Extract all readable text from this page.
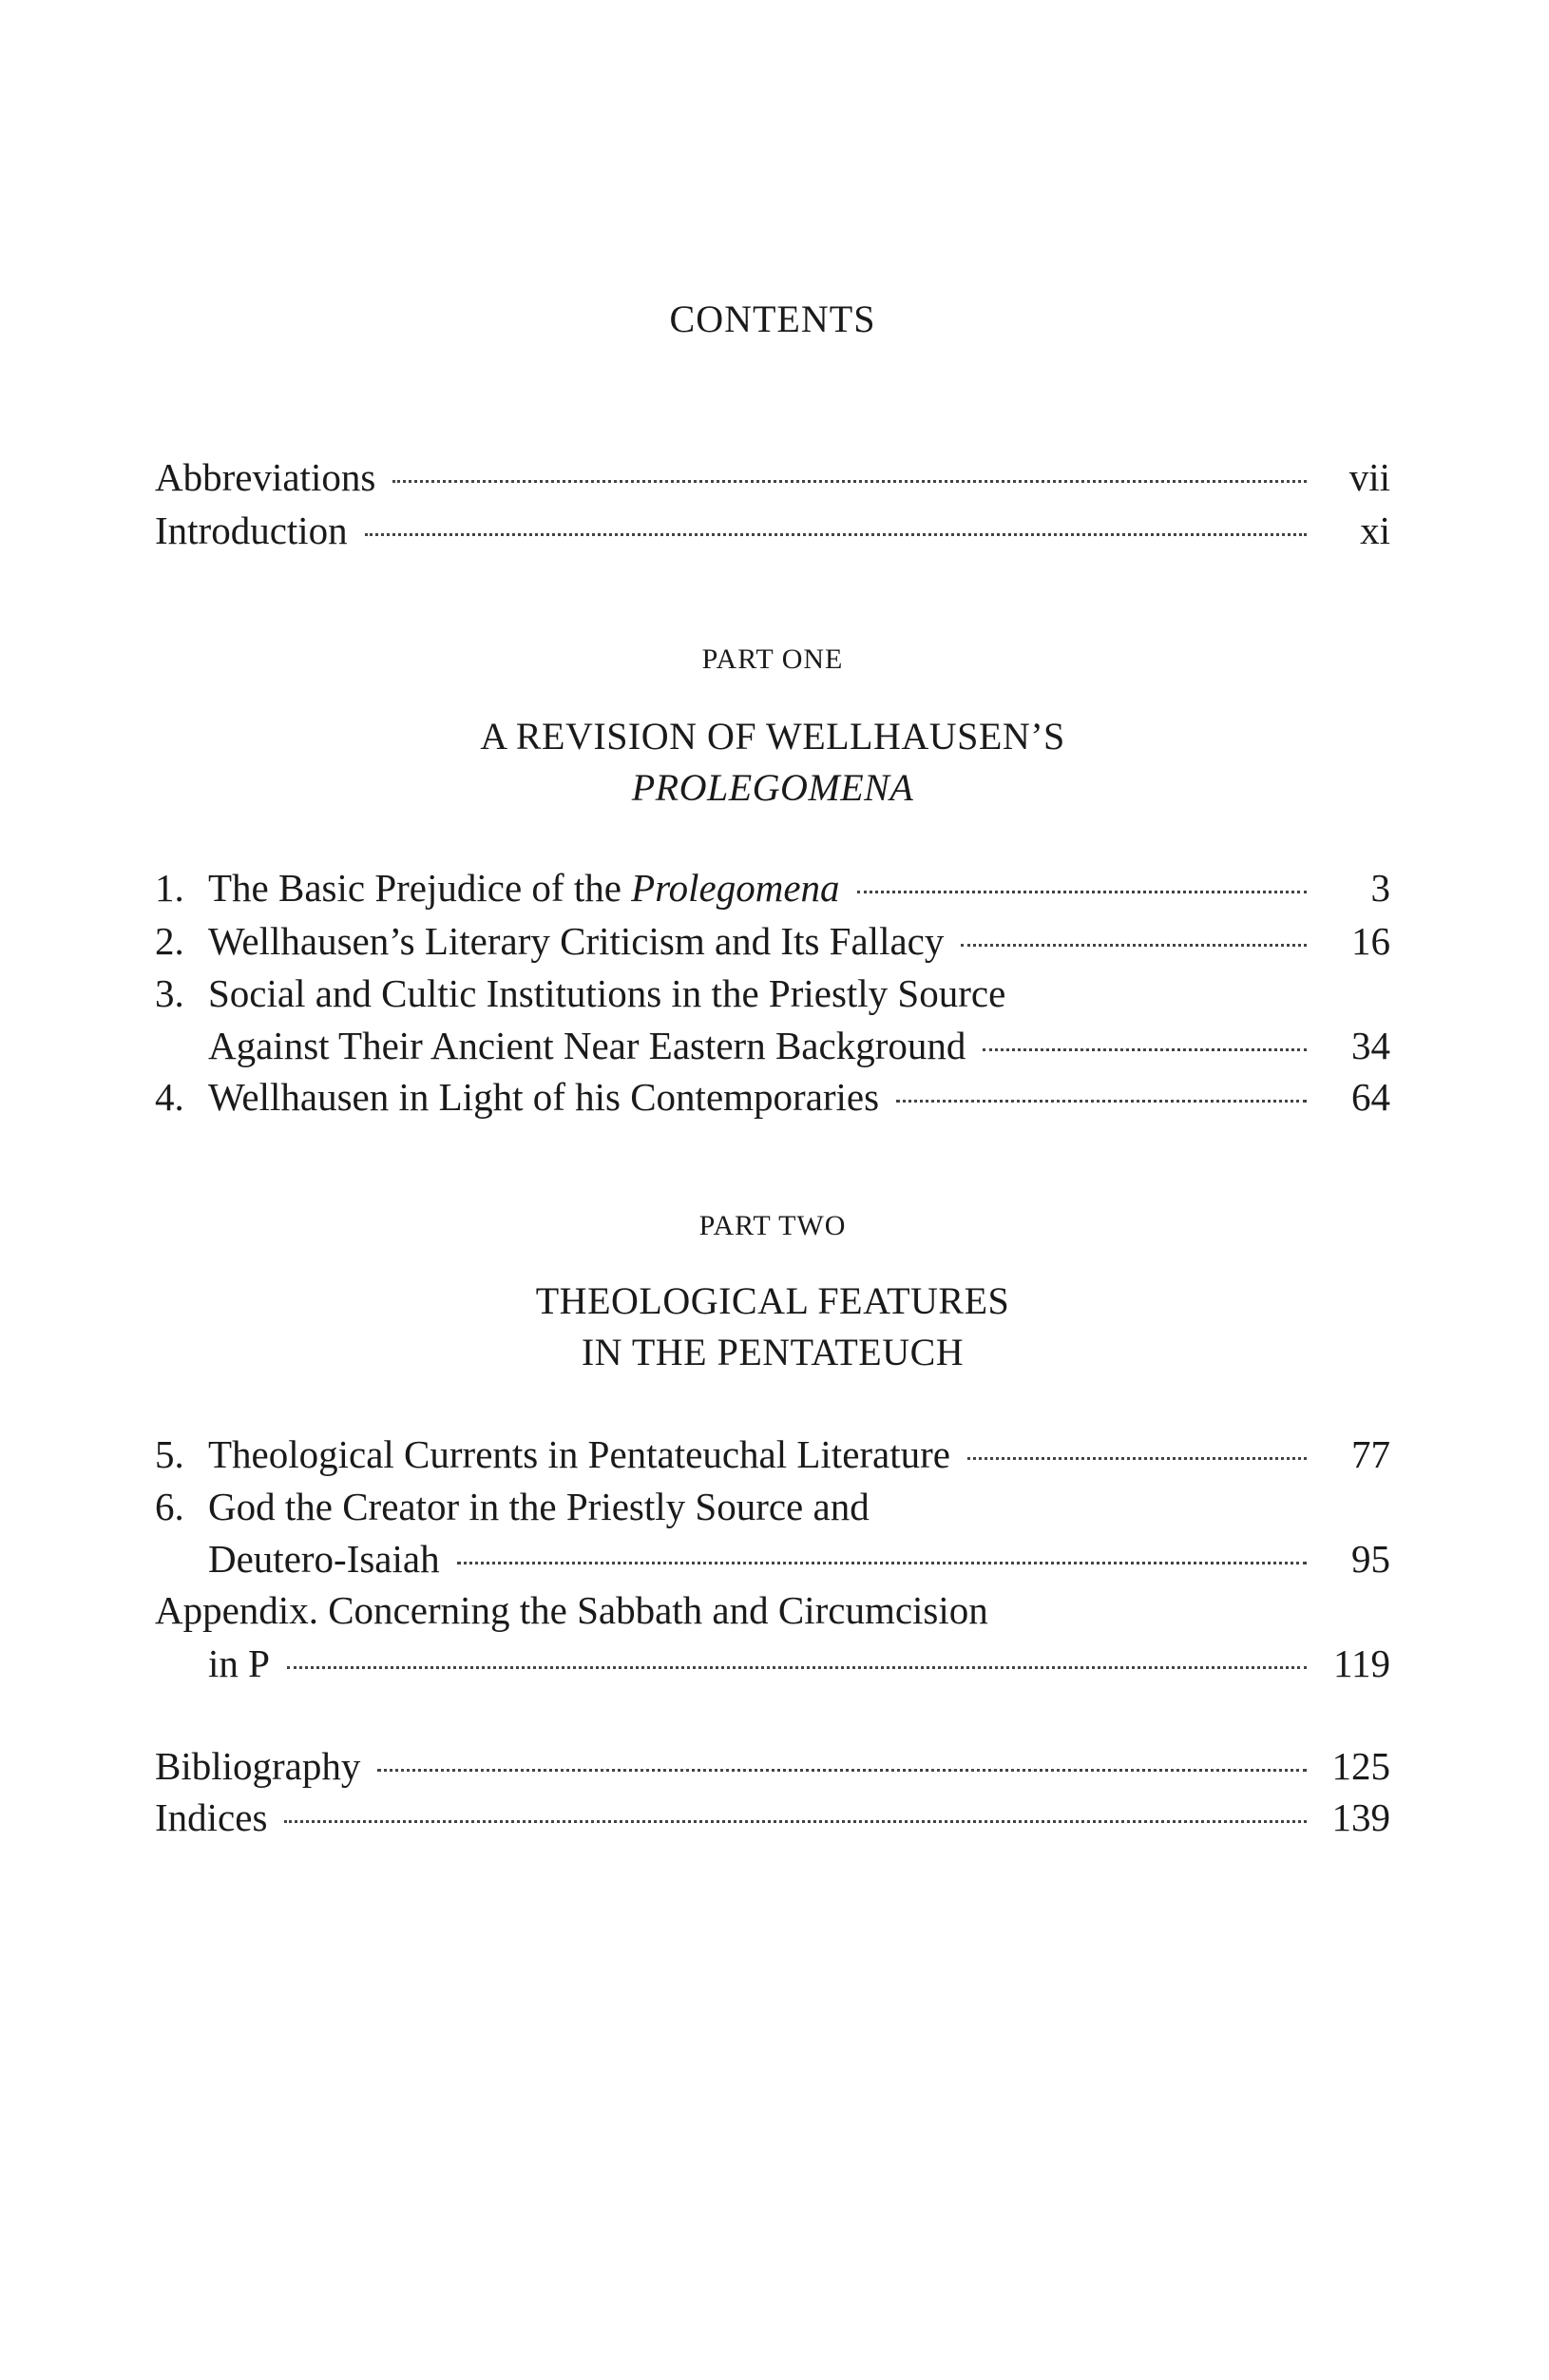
CONTENTS
Abbreviations	vii
Introduction	xi
PART ONE
A REVISION OF WELLHAUSEN’S
PROLEGOMENA
1. The Basic Prejudice of the Prolegomena	3
2. Wellhausen’s Literary Criticism and Its Fallacy	16
3. Social and Cultic Institutions in the Priestly Source
Against Their Ancient Near Eastern Background	34
4. Wellhausen in Light of his Contemporaries	64
PART TWO
THEOLOGICAL FEATURES
IN THE PENTATEUCH
5. Theological Currents in Pentateuchal Literature	77
6. God the Creator in the Priestly Source and
Deutero-Isaiah	95
Appendix. Concerning the Sabbath and Circumcision
in P	119
Bibliography	125
Indices	139
